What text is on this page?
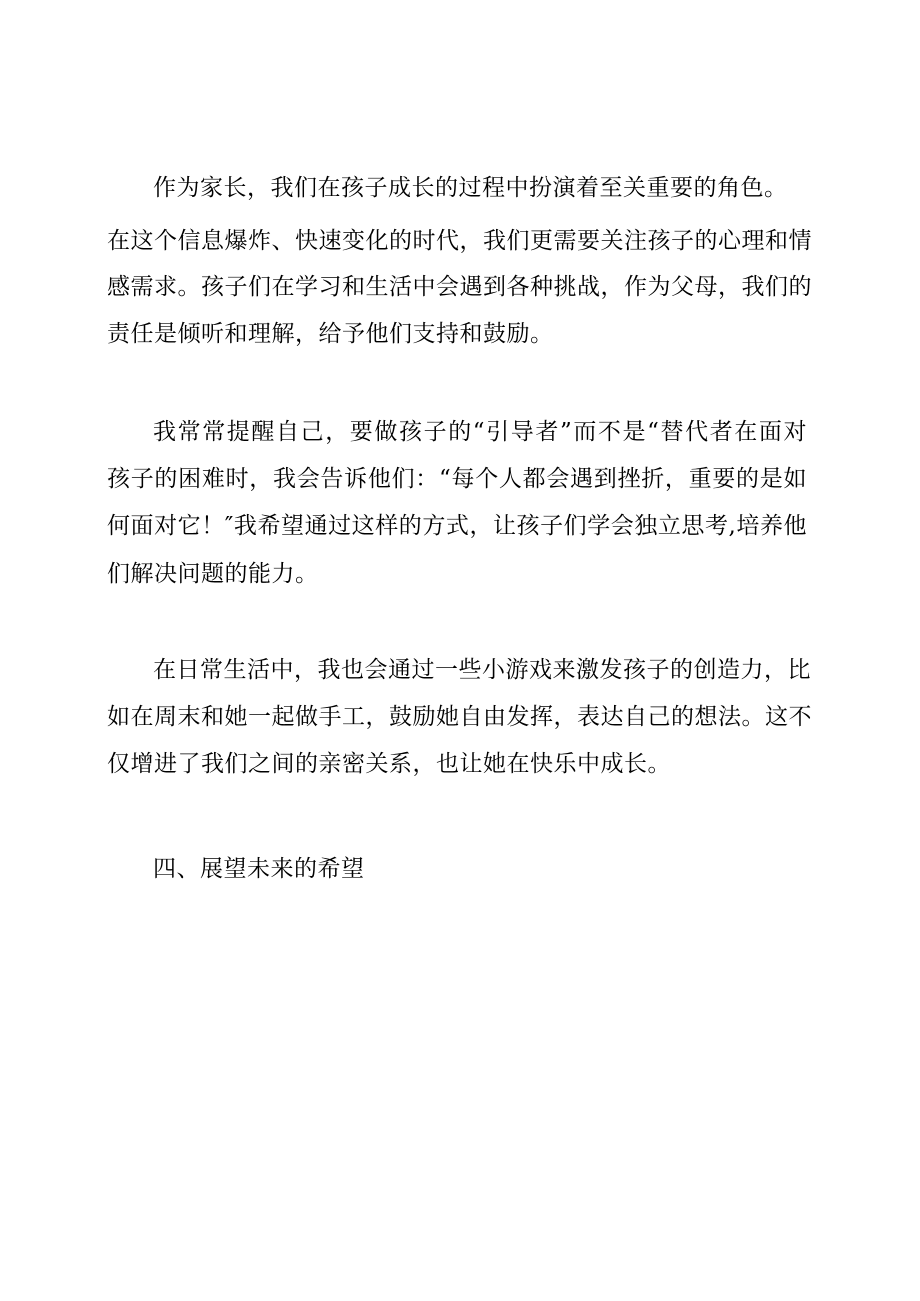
作为家长，我们在孩子成长的过程中扮演着至关重要的角色。
在这个信息爆炸、快速变化的时代，我们更需要关注孩子的心理和情
感需求。孩子们在学习和生活中会遇到各种挑战，作为父母，我们的
责任是倾听和理解，给予他们支持和鼓励。
我常常提醒自己，要做孩子的“引导者”而不是“替代者在面对
孩子的困难时，我会告诉他们：“每个人都会遇到挫折，重要的是如
何面对它！″我希望通过这样的方式，让孩子们学会独立思考,培养他
们解决问题的能力。
在日常生活中，我也会通过一些小游戏来激发孩子的创造力，比
如在周末和她一起做手工，鼓励她自由发挥，表达自己的想法。这不
仅增进了我们之间的亲密关系，也让她在快乐中成长。
四、展望未来的希望
